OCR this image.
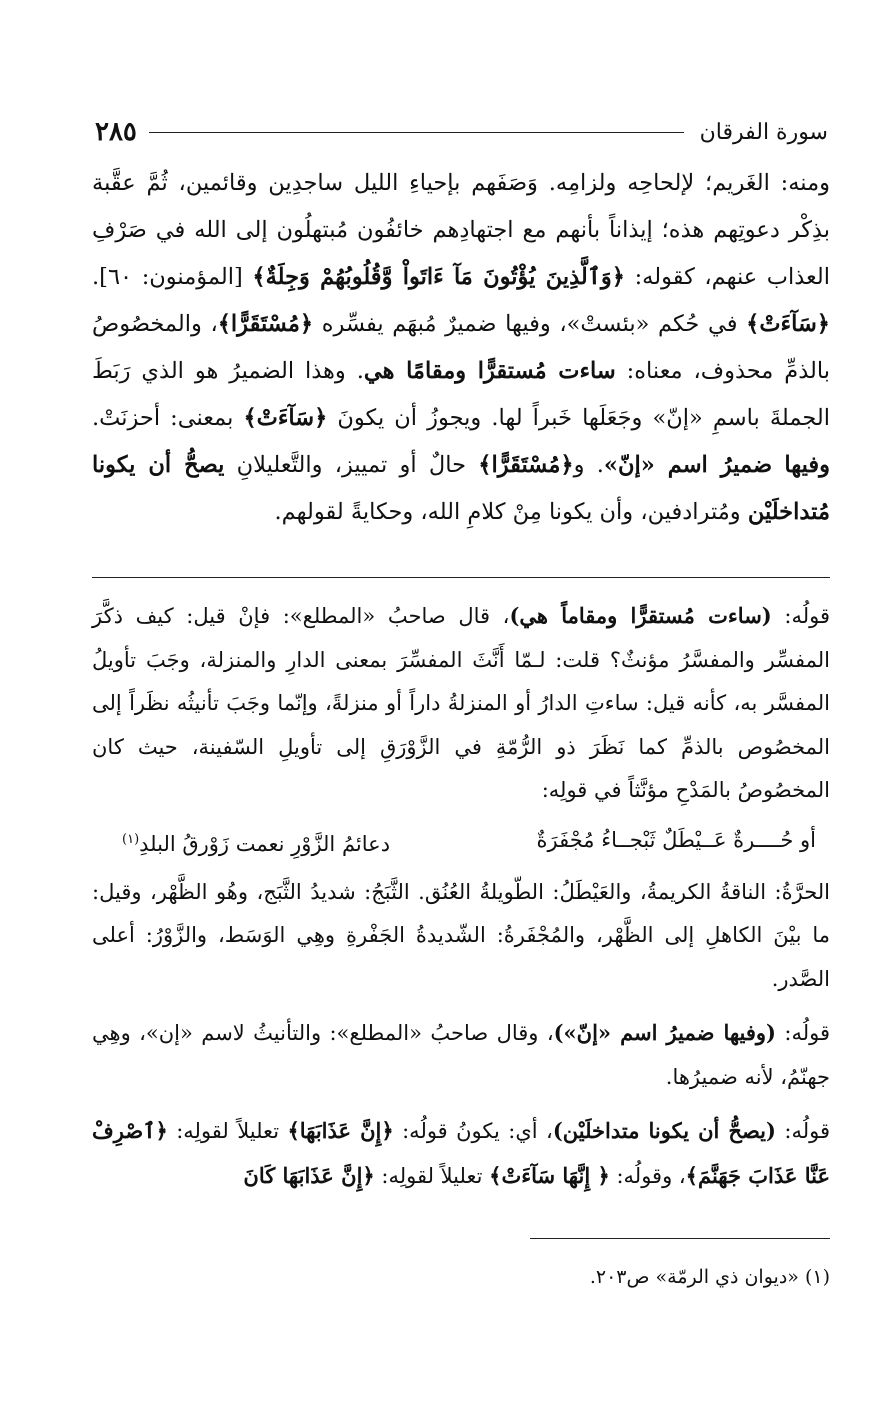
سورة الفرقان
٢٨٥

ومنه: الغَريم؛ لإلحاحِه ولزامِه. وَصَفَهم بإحياءِ الليل ساجدِين وقائمين، ثُمَّ عقَّبة بذِكْر دعوتِهم هذه؛ إيذاناً بأنهم مع اجتهادِهم خائفُون مُبتهلُون إلى الله في صَرْفِ العذاب عنهم، كقوله: ﴿وَٱلَّذِينَ يُؤْتُونَ مَآ ءَاتَواْ وَّقُلُوبُهُمْ وَجِلَةٌ﴾ [المؤمنون: ٦٠]. ﴿سَآءَتْ﴾ في حُكم «بئستْ»، وفيها ضميرٌ مُبهَم يفسِّره ﴿مُسْتَقَرًّا﴾، والمخصُوصُ بالذمِّ محذوف، معناه: ساءت مُستقرًّا ومقامًا هي. وهذا الضميرُ هو الذي رَبَطَ الجملةَ باسمِ «إنّ» وجَعَلَها خَبراً لها. ويجوزُ أن يكونَ ﴿سَآءَتْ﴾ بمعنى: أحزنَتْ. وفيها ضميرُ اسم «إنّ». و﴿مُسْتَقَرًّا﴾ حالٌ أو تمييز، والتَّعليلانِ يصحُّ أن يكونا مُتداخلَيْن ومُترادفين، وأن يكونا مِنْ كلامِ الله، وحكايةً لقولهم.

قولُه: (ساءت مُستقرًّا ومقاماً هي)، قال صاحبُ «المطلع»: فإنْ قيل: كيف ذكَّرَ المفسِّر والمفسَّرُ مؤنثٌ؟ قلت: لـمّا أَنَّثَ المفسِّرَ بمعنى الدارِ والمنزلة، وجَبَ تأويلُ المفسَّر به، كأنه قيل: ساءتِ الدارُ أو المنزلةُ داراً أو منزلةً، وإنّما وجَبَ تأنيثُه نظَراً إلى المخصُوص بالذمِّ كما نَظَرَ ذو الرُّمّةِ في الزَّوْرَقِ إلى تأويلِ السّفينة، حيث كان المخصُوصُ بالمَدْحِ مؤنَّثاً في قولِه:

أو حُــــرةٌ عَــيْطَلٌ ثَبْجــاءُ مُجْفَرَةٌ
دعائمُ الزَّوْرِ نعمت زَوْرقُ البلدِ$^{(١)}$

الحرَّةُ: الناقةُ الكريمةُ، والعَيْطَلُ: الطّويلةُ العُنُق. الثَّبَجُ: شديدُ الثَّبَج، وهُو الظَّهْر، وقيل: ما بيْنَ الكاهلِ إلى الظَّهْر، والمُجْفَرةُ: الشّديدةُ الجَفْرةِ وهِي الوَسَط، والزَّوْرُ: أعلى الصَّدر.

قولُه: (وفيها ضميرُ اسم «إنّ»)، وقال صاحبُ «المطلع»: والتأنيثُ لاسم «إن»، وهِي جهنّمُ، لأنه ضميرُها.

قولُه: (يصحُّ أن يكونا متداخلَيْن)، أي: يكونُ قولُه: ﴿إِنَّ عَذَابَهَا﴾ تعليلاً لقولِه: ﴿ٱصْرِفْ عَنَّا عَذَابَ جَهَنَّمَ﴾، وقولُه: ﴿ إِنَّهَا سَآءَتْ﴾ تعليلاً لقولِه: ﴿إِنَّ عَذَابَهَا كَانَ

(١) «ديوان ذي الرمّة» ص٢٠٣.
